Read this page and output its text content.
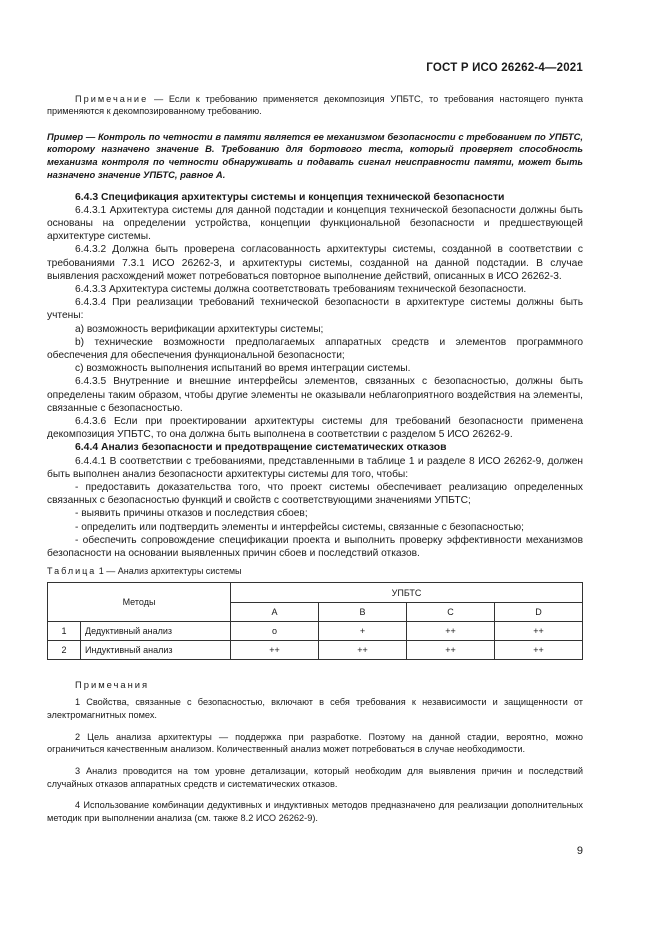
ГОСТ Р ИСО 26262-4—2021

Примечание — Если к требованию применяется декомпозиция УПБТС, то требования настоящего пункта применяются к декомпозированному требованию.

Пример — Контроль по четности в памяти является ее механизмом безопасности с требованием по УПБТС, которому назначено значение B. Требованию для бортового теста, который проверяет способность механизма контроля по четности обнаруживать и подавать сигнал неисправности памяти, может быть назначено значение УПБТС, равное A.

6.4.3 Спецификация архитектуры системы и концепция технической безопасности

6.4.3.1 Архитектура системы для данной подстадии и концепция технической безопасности должны быть основаны на определении устройства, концепции функциональной безопасности и предшествующей архитектуре системы.

6.4.3.2 Должна быть проверена согласованность архитектуры системы, созданной в соответствии с требованиями 7.3.1 ИСО 26262-3, и архитектуры системы, созданной на данной подстадии. В случае выявления расхождений может потребоваться повторное выполнение действий, описанных в ИСО 26262-3.

6.4.3.3 Архитектура системы должна соответствовать требованиям технической безопасности.

6.4.3.4 При реализации требований технической безопасности в архитектуре системы должны быть учтены:

a) возможность верификации архитектуры системы;

b) технические возможности предполагаемых аппаратных средств и элементов программного обеспечения для обеспечения функциональной безопасности;

c) возможность выполнения испытаний во время интеграции системы.

6.4.3.5 Внутренние и внешние интерфейсы элементов, связанных с безопасностью, должны быть определены таким образом, чтобы другие элементы не оказывали неблагоприятного воздействия на элементы, связанные с безопасностью.

6.4.3.6 Если при проектировании архитектуры системы для требований безопасности применена декомпозиция УПБТС, то она должна быть выполнена в соответствии с разделом 5 ИСО 26262-9.

6.4.4 Анализ безопасности и предотвращение систематических отказов

6.4.4.1 В соответствии с требованиями, представленными в таблице 1 и разделе 8 ИСО 26262-9, должен быть выполнен анализ безопасности архитектуры системы для того, чтобы:

- предоставить доказательства того, что проект системы обеспечивает реализацию определенных связанных с безопасностью функций и свойств с соответствующими значениями УПБТС;

- выявить причины отказов и последствия сбоев;

- определить или подтвердить элементы и интерфейсы системы, связанные с безопасностью;

- обеспечить сопровождение спецификации проекта и выполнить проверку эффективности механизмов безопасности на основании выявленных причин сбоев и последствий отказов.

Таблица 1 — Анализ архитектуры системы
Методы		УПБТС			
		A	B	C	D
1	Дедуктивный анализ	o	+	++	++
2	Индуктивный анализ	++	++	++	++
Примечания

1 Свойства, связанные с безопасностью, включают в себя требования к независимости и защищенности от электромагнитных помех.

2 Цель анализа архитектуры — поддержка при разработке. Поэтому на данной стадии, вероятно, можно ограничиться качественным анализом. Количественный анализ может потребоваться в случае необходимости.

3 Анализ проводится на том уровне детализации, который необходим для выявления причин и последствий случайных отказов аппаратных средств и систематических отказов.

4 Использование комбинации дедуктивных и индуктивных методов предназначено для реализации дополнительных методик при выполнении анализа (см. также 8.2 ИСО 26262-9).

9
